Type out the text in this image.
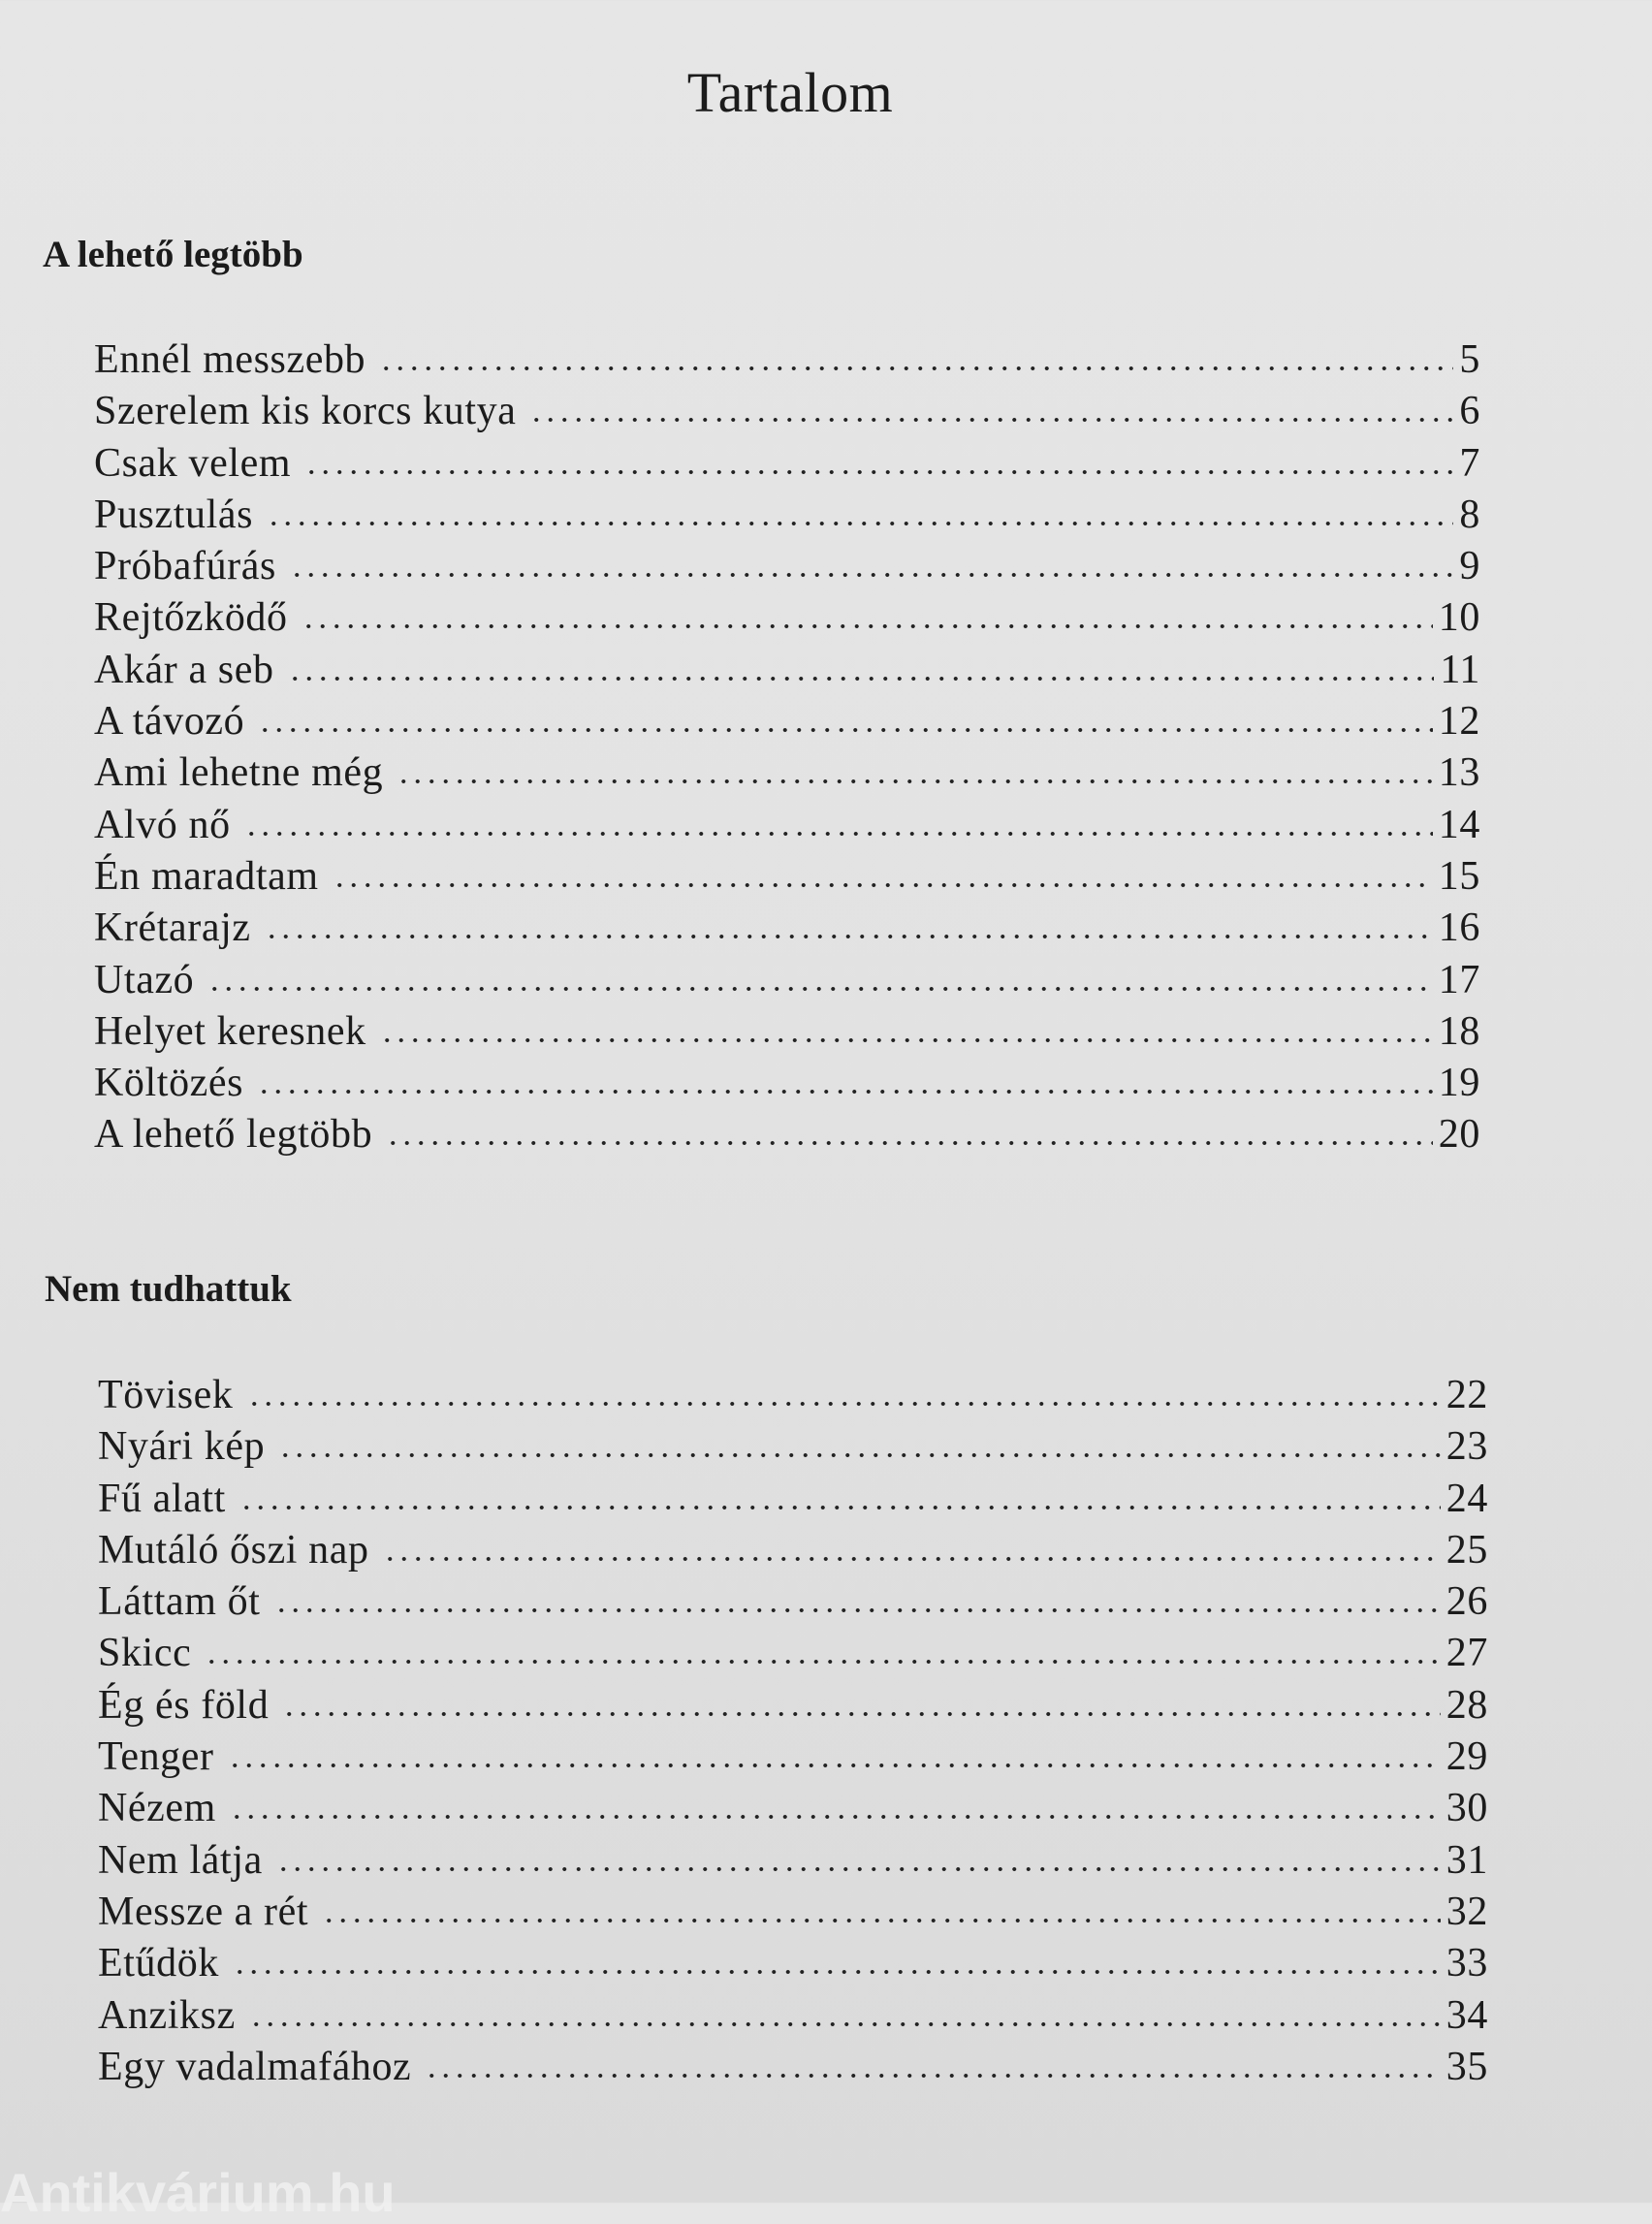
Tartalom
A lehető legtöbb
Ennél messzebb	5
Szerelem kis korcs kutya	6
Csak velem	7
Pusztulás	8
Próbafúrás	9
Rejtőzködő	10
Akár a seb	11
A távozó	12
Ami lehetne még	13
Alvó nő	14
Én maradtam	15
Krétarajz	16
Utazó	17
Helyet keresnek	18
Költözés	19
A lehető legtöbb	20
Nem tudhattuk
Tövisek	22
Nyári kép	23
Fű alatt	24
Mutáló őszi nap	25
Láttam őt	26
Skicc	27
Ég és föld	28
Tenger	29
Nézem	30
Nem látja	31
Messze a rét	32
Etűdök	33
Anziksz	34
Egy vadalmafához	35
Antikvárium.hu
